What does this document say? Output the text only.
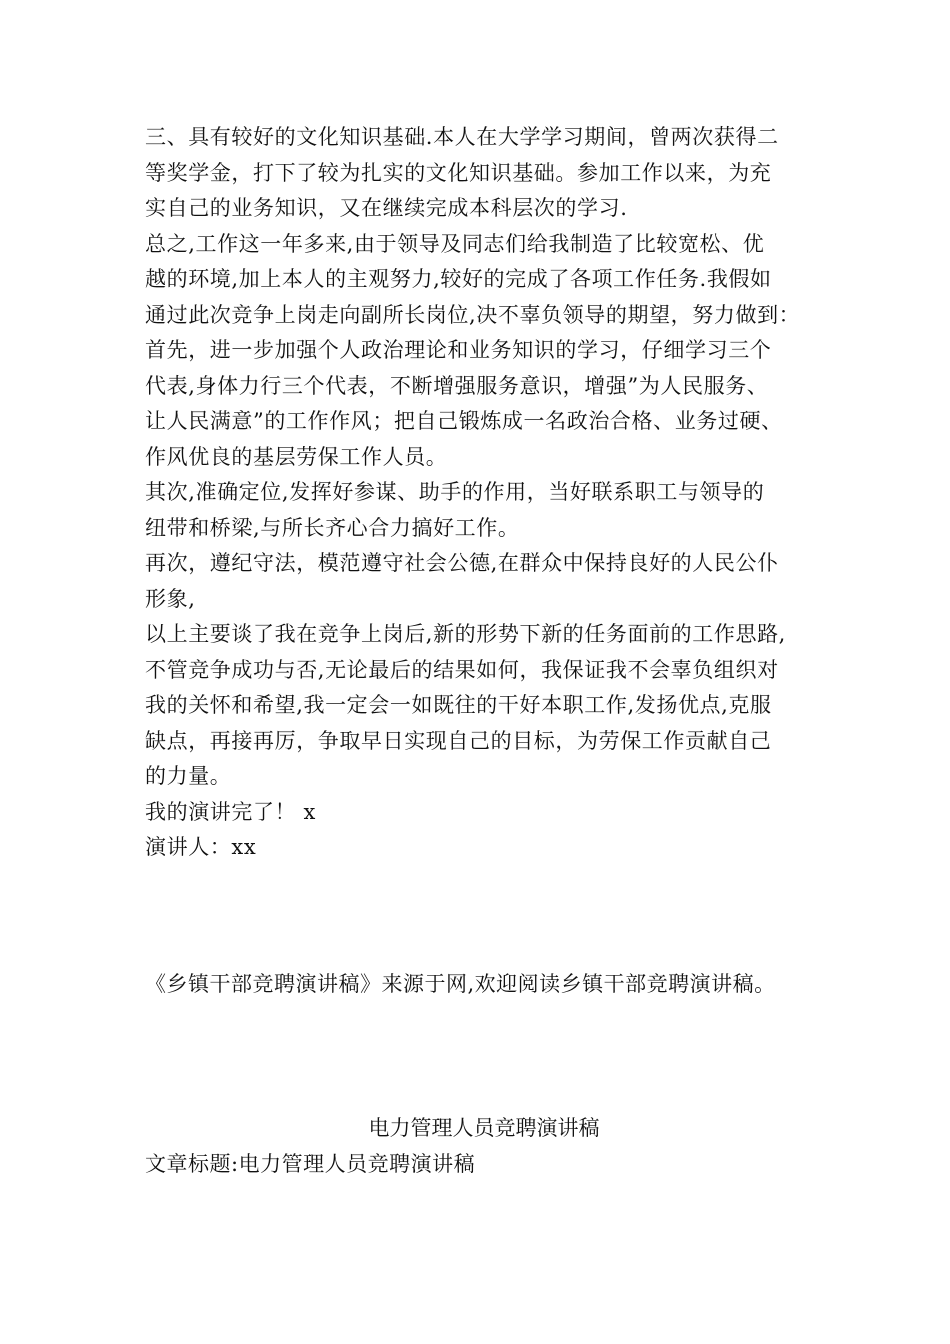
三、具有较好的文化知识基础.本人在大学学习期间，曾两次获得二
等奖学金，打下了较为扎实的文化知识基础。参加工作以来，为充
实自己的业务知识，又在继续完成本科层次的学习.
总之,工作这一年多来,由于领导及同志们给我制造了比较宽松、优
越的环境,加上本人的主观努力,较好的完成了各项工作任务.我假如
通过此次竞争上岗走向副所长岗位,决不辜负领导的期望，努力做到：
首先，进一步加强个人政治理论和业务知识的学习，仔细学习三个
代表,身体力行三个代表，不断增强服务意识，增强”为人民服务、
让人民满意”的工作作风；把自己锻炼成一名政治合格、业务过硬、
作风优良的基层劳保工作人员。
其次,准确定位,发挥好参谋、助手的作用，当好联系职工与领导的
纽带和桥梁,与所长齐心合力搞好工作。
再次，遵纪守法，模范遵守社会公德,在群众中保持良好的人民公仆
形象,
以上主要谈了我在竞争上岗后,新的形势下新的任务面前的工作思路,
不管竞争成功与否,无论最后的结果如何，我保证我不会辜负组织对
我的关怀和希望,我一定会一如既往的干好本职工作,发扬优点,克服
缺点，再接再厉，争取早日实现自己的目标，为劳保工作贡献自己
的力量。
我的演讲完了！ x
演讲人：xx
《乡镇干部竞聘演讲稿》来源于网,欢迎阅读乡镇干部竞聘演讲稿。
电力管理人员竞聘演讲稿
文章标题:电力管理人员竞聘演讲稿
